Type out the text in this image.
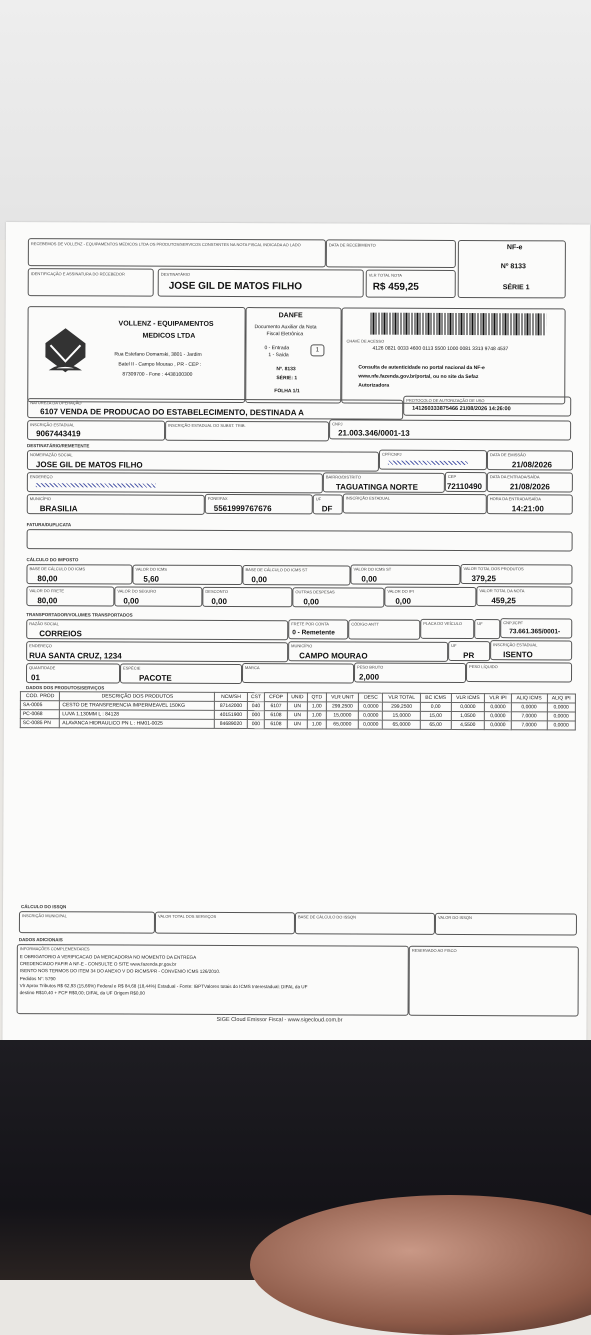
RECEBEMOS DE VOLLENZ - EQUIPAMENTOS MEDICOS LTDA OS PRODUTOS/SERVICOS CONSTANTES NA NOTA FISCAL INDICADA AO LADO	DATA DE RECEBIMENTO
IDENTIFICAÇÃO E ASSINATURA DO RECEBEDOR	DESTINATÁRIO
JOSE GIL DE MATOS FILHO
VLR TOTAL NOTA
R$ 459,25
NF-e
Nº 8133
SÉRIE 1
VOLLENZ - EQUIPAMENTOS
MEDICOS LTDA
Rua Estefano Domanski, 3801 - Jardim
Batel II - Campo Mourao , PR - CEP :
87309700 - Fone : 4438100300
DANFE
Documento Auxiliar da Nota
Fiscal Eletrônica
0 - Entrada
1 - Saída
1
Nº. 8133
SÉRIE: 1
FOLHA 1/1
CHAVE DE ACESSO
4126 0821 0033 4600 0113 5500 1000 0081 3313 9748 4537
Consulta de autenticidade no portal nacional da NF-e
www.nfe.fazenda.gov.br/portal, ou no site da Sefaz
Autorizadora
NATUREZA DA OPERAÇÃO
6107 VENDA DE PRODUCAO DO ESTABELECIMENTO, DESTINADA A
PROTOCOLO DE AUTORIZAÇÃO DE USO
141260333875466 21/08/2026 14:26:00
INSCRIÇÃO ESTADUAL
9067443419
INSCRIÇÃO ESTADUAL DO SUBST. TRIB.	CNPJ
21.003.346/0001-13
DESTINATÁRIO/REMETENTE
NOME/RAZÃO SOCIAL
JOSE GIL DE MATOS FILHO
CPF/CNPJ	DATA DE EMISSÃO
21/08/2026
ENDEREÇO	BAIRRO/DISTRITO
TAGUATINGA NORTE
CEP
72110490
DATA DA ENTRADA/SAÍDA
21/08/2026
MUNICÍPIO
BRASILIA
FONE/FAX
5561999767676
UF
DF
INSCRIÇÃO ESTADUAL	HORA DA ENTRADA/SAÍDA
14:21:00
FATURA/DUPLICATA
CÁLCULO DO IMPOSTO
BASE DE CÁLCULO DO ICMS
80,00
VALOR DO ICMS
5,60
BASE DE CÁLCULO DO ICMS ST
0,00
VALOR DO ICMS ST
0,00
VALOR TOTAL DOS PRODUTOS
379,25
VALOR DO FRETE
80,00
VALOR DO SEGURO
0,00
DESCONTO
0,00
OUTRAS DESPESAS
0,00
VALOR DO IPI
0,00
VALOR TOTAL DA NOTA
459,25
TRANSPORTADOR/VOLUMES TRANSPORTADOS
RAZÃO SOCIAL
CORREIOS
FRETE POR CONTA
0 - Remetente
CÓDIGO ANTT	PLACA DO VEÍCULO	UF	CNPJ/CPF
73.661.365/0001-
ENDEREÇO
RUA SANTA CRUZ, 1234
MUNICÍPIO
CAMPO MOURAO
UF
PR
INSCRIÇÃO ESTADUAL
ISENTO
QUANTIDADE
01
ESPÉCIE
PACOTE
MARCA	PESO BRUTO
2,000
PESO LÍQUIDO
DADOS DOS PRODUTOS/SERVIÇOS
COD. PROD	DESCRIÇÃO DOS PRODUTOS	NCM/SH	CST	CFOP	UNID	QTD	VLR UNIT	DESC	VLR TOTAL	BC ICMS	VLR ICMS	VLR IPI	ALIQ ICMS	ALIQ IPI
SA-0005	CESTO DE TRANSFERENCIA IMPERMEAVEL 150KG	87142000	040	6107	UN	1,00	299,2500	0,0000	299,2500	0,00	0,0000	0,0000	0,0000	0,0000
PC-0068	LUVA 1.130MM L : 84128	40151900	000	6108	UN	1,00	15,0000	0,0000	15,0000	15,00	1,0500	0,0000	7,0000	0,0000
SC-0085 PN	ALAVANCA HIDRAULICO PN L : HM01-0025	84689020	000	6108	UN	1,00	65,0000	0,0000	65,0000	65,00	4,5500	0,0000	7,0000	0,0000
CÁLCULO DO ISSQN
INSCRIÇÃO MUNICIPAL	VALOR TOTAL DOS SERVIÇOS	BASE DE CÁLCULO DO ISSQN	VALOR DO ISSQN
DADOS ADICIONAIS
INFORMAÇÕES COMPLEMENTARES
E OBRIGATORIO A VERIFICACAO DA MERCADORIA NO MOMENTO DA ENTREGA
CREDENCIADO FAFIR A NF-E - CONSULTE O SITE www.fazenda.pr.gov.br
ISENTO NOS TERMOS DO ITEM 34 DO ANEXO V DO RICMS/PR - CONVENIO ICMS 126/2010.
Pedidos N°: 5790
Vlr Aprox Tributos R$ 62,93 (15,66%) Federal e R$ 84,68 (18,44%) Estadual - Fonte: IBPTValores totais do ICMS Interestadual: DIFAL da UF
destino R$10,40 + FCP R$0,00; DIFAL da UF Origem R$0,00
RESERVADO AO FISCO
SIGE Cloud Emissor Fiscal - www.sigecloud.com.br
